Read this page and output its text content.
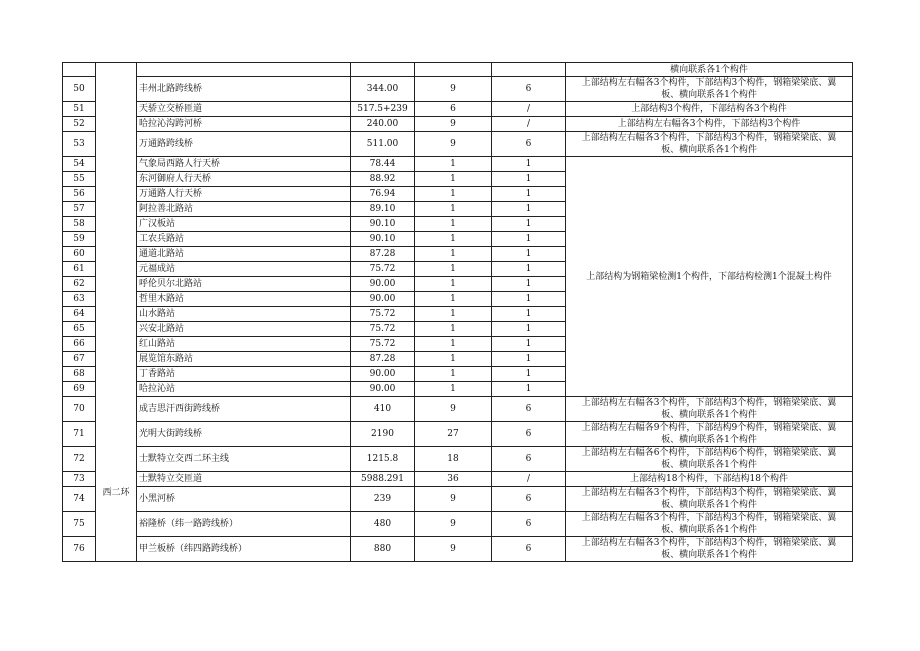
	西二环					横向联系各1个构件

50		丰州北路跨线桥	344.00	9	6	上部结构左右幅各3个构件，下部结构3个构件，钢箱梁梁底、翼
板、横向联系各1个构件

51		天骄立交桥匝道	517.5+239	6	/	上部结构3个构件，下部结构各3个构件

52		哈拉沁沟跨河桥	240.00	9	/	上部结构左右幅各3个构件，下部结构3个构件

53		万通路跨线桥	511.00	9	6	上部结构左右幅各3个构件，下部结构3个构件，钢箱梁梁底、翼
板、横向联系各1个构件

54		气象局西路人行天桥	78.44	1	1	上部结构为钢箱梁检测1个构件，下部结构检测1个混凝土构件
55		东河御府人行天桥	88.92	1	1	
56		万通路人行天桥	76.94	1	1	
57		阿拉善北路站	89.10	1	1	
58		广汉板站	90.10	1	1	
59		工农兵路站	90.10	1	1	
60		通道北路站	87.28	1	1	
61		元福成站	75.72	1	1	
62		呼伦贝尔北路站	90.00	1	1	
63		哲里木路站	90.00	1	1	
64		山水路站	75.72	1	1	
65		兴安北路站	75.72	1	1	
66		红山路站	75.72	1	1	
67		展览馆东路站	87.28	1	1	
68		丁香路站	90.00	1	1	
69		哈拉沁站	90.00	1	1	
70		成吉思汗西街跨线桥	410	9	6	上部结构左右幅各3个构件，下部结构3个构件，钢箱梁梁底、翼
板、横向联系各1个构件

71		光明大街跨线桥	2190	27	6	上部结构左右幅各9个构件，下部结构9个构件，钢箱梁梁底、翼
板、横向联系各1个构件

72		士默特立交西二环主线	1215.8	18	6	上部结构左右幅各6个构件，下部结构6个构件，钢箱梁梁底、翼
板、横向联系各1个构件

73		士默特立交匝道	5988.291	36	/	上部结构18个构件，下部结构18个构件

74		小黑河桥	239	9	6	上部结构左右幅各3个构件，下部结构3个构件，钢箱梁梁底、翼
板、横向联系各1个构件

75		裕隆桥（纬一路跨线桥）	480	9	6	上部结构左右幅各3个构件，下部结构3个构件，钢箱梁梁底、翼
板、横向联系各1个构件

76		甲兰板桥（纬四路跨线桥）	880	9	6	上部结构左右幅各3个构件，下部结构3个构件，钢箱梁梁底、翼
板、横向联系各1个构件
